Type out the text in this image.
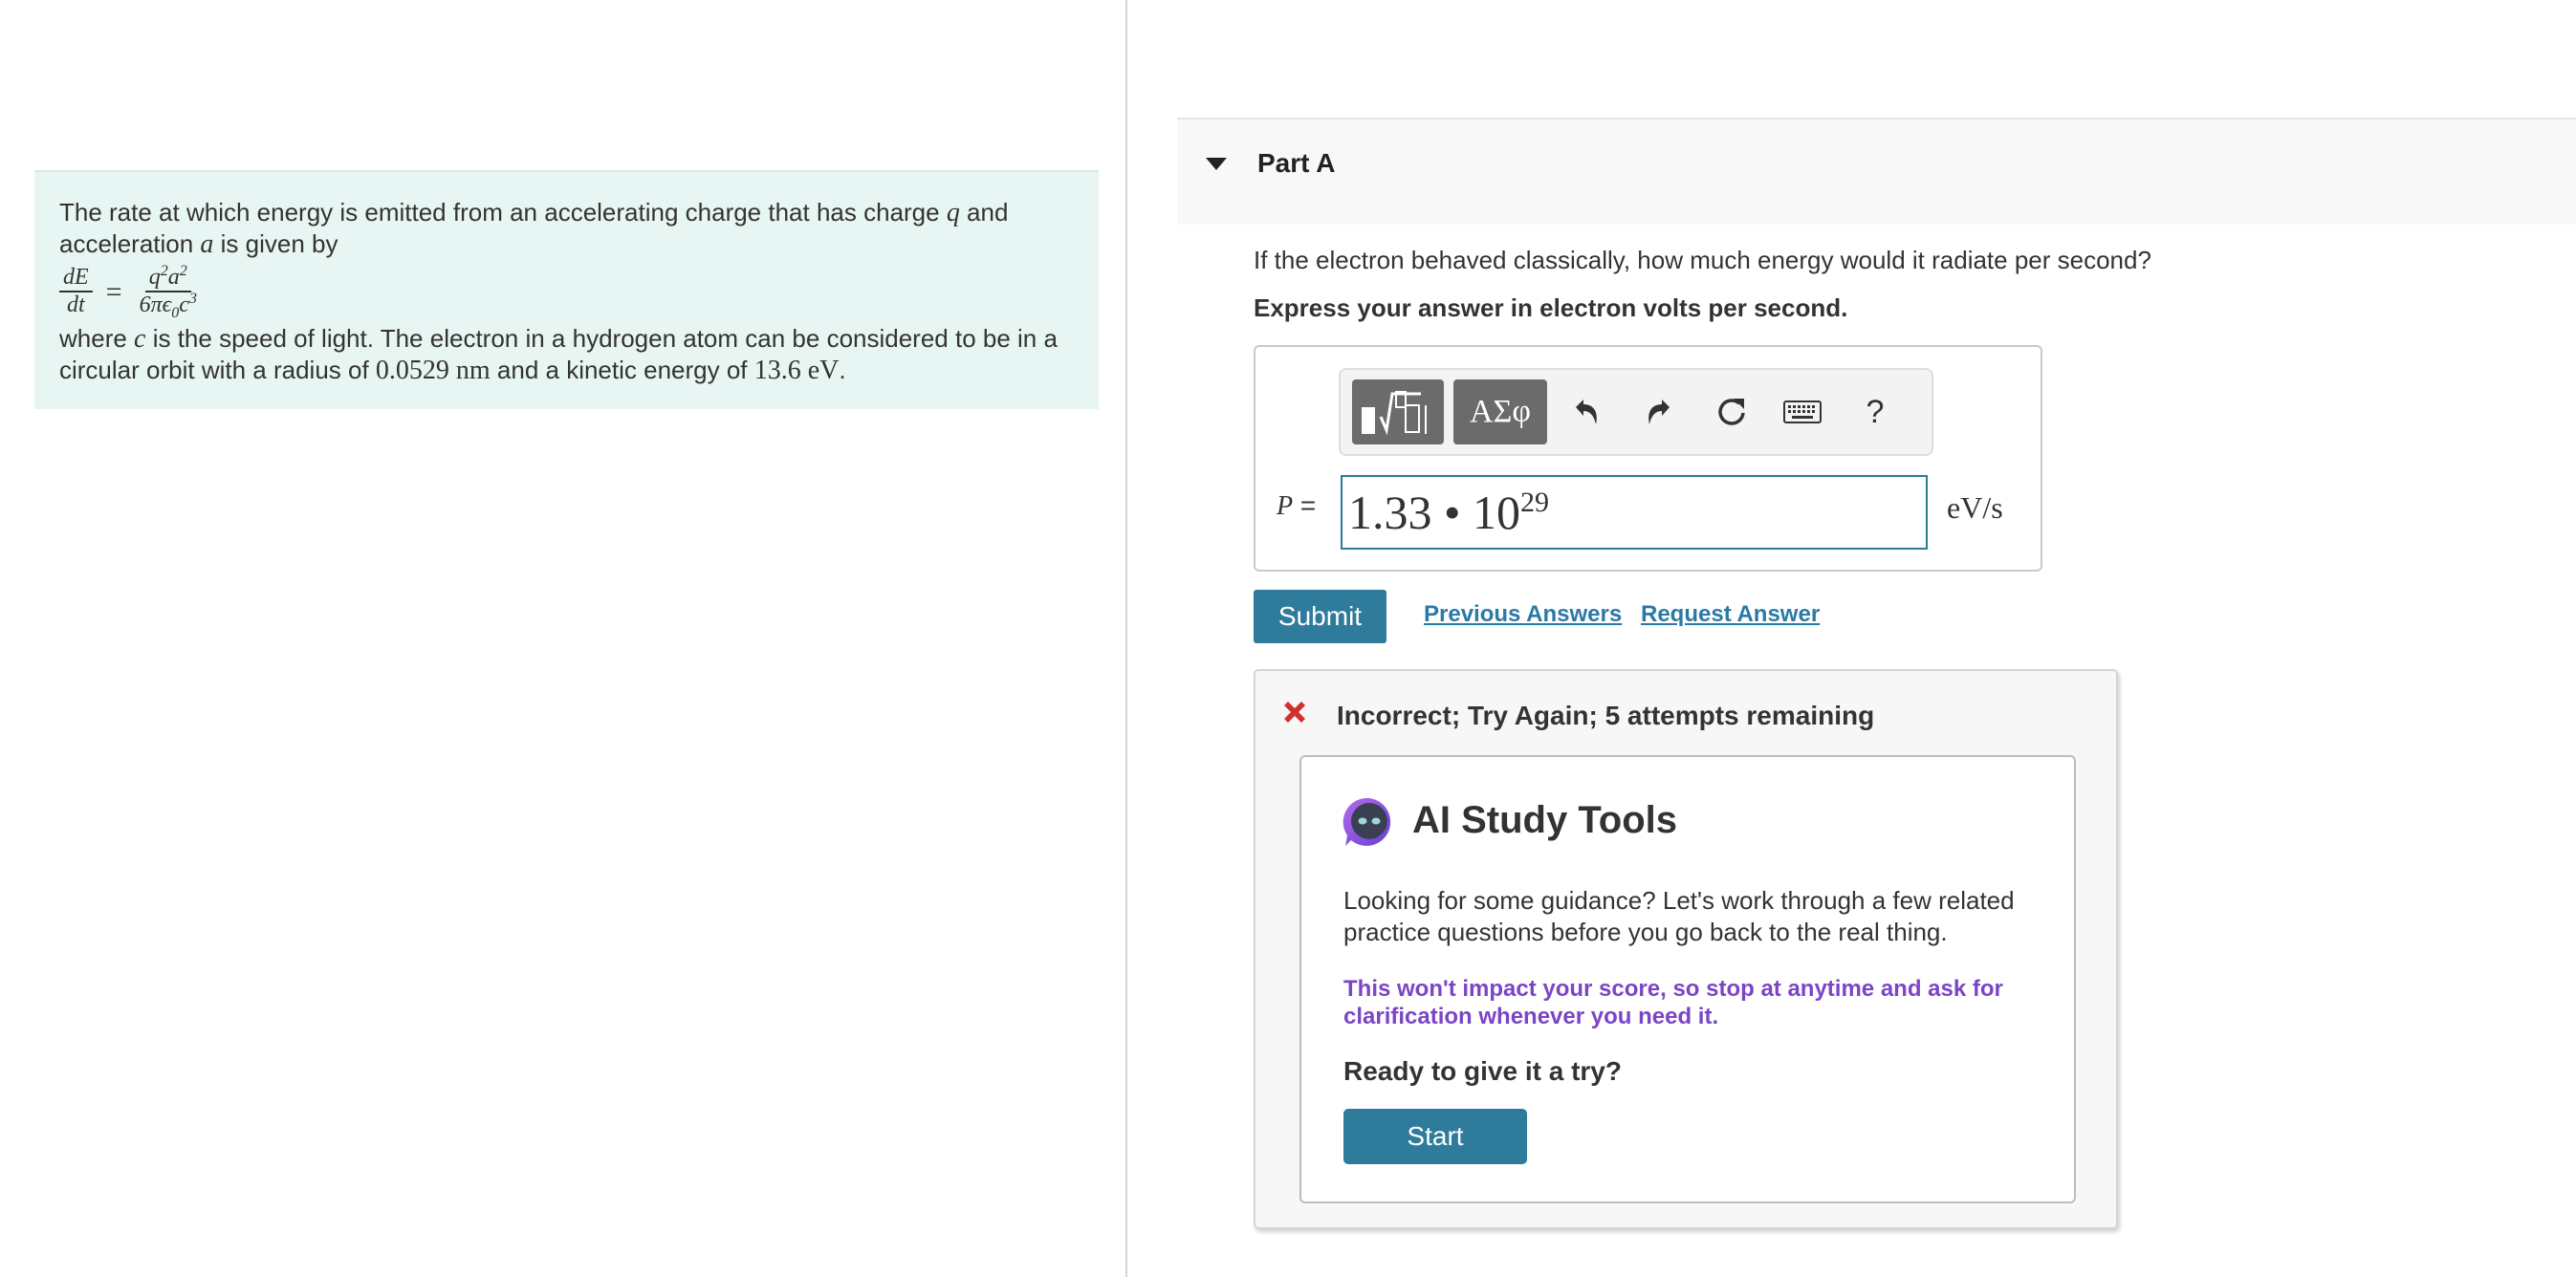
The rate at which energy is emitted from an accelerating charge that has charge q and

acceleration a is given by

$\frac{dE}{dt} = \frac{q^2a^2}{6\pi\epsilon_0c^3}$

where c is the speed of light. The electron in a hydrogen atom can be considered to be in a

circular orbit with a radius of 0.0529 nm and a kinetic energy of 13.6 eV.

Part A
If the electron behaved classically, how much energy would it radiate per second?
Express your answer in electron volts per second.
ΑΣφ	?
P = 1.33 • $10^{29}$	eV/s
Submit	Previous Answers Request Answer
Incorrect; Try Again; 5 attempts remaining
AI Study Tools
Looking for some guidance? Let's work through a few related practice questions before you go back to the real thing.
This won't impact your score, so stop at anytime and ask for clarification whenever you need it.
Ready to give it a try?
Start
